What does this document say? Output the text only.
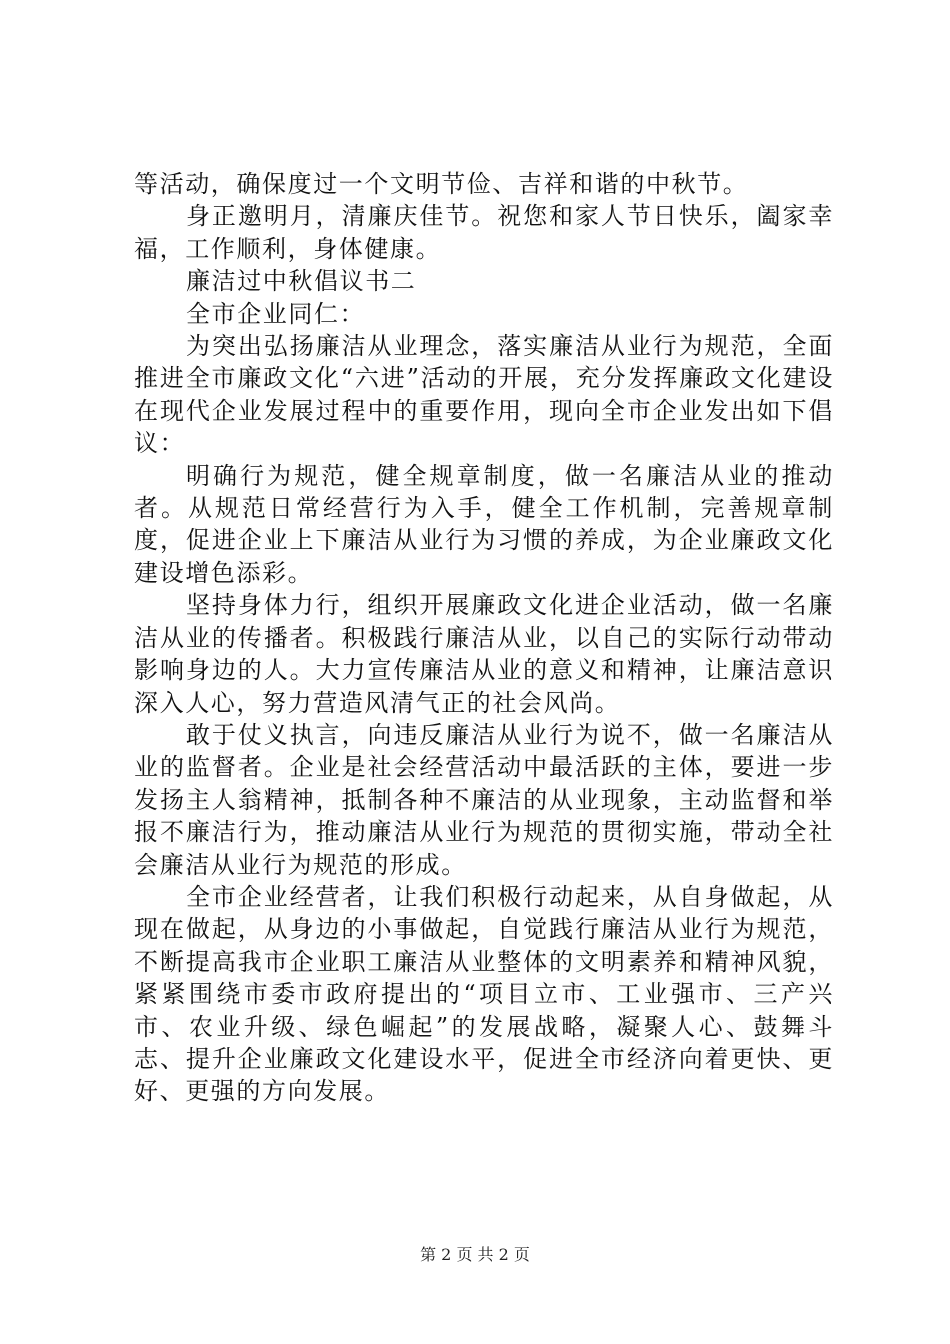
等活动，确保度过一个文明节俭、吉祥和谐的中秋节。

身正邀明月，清廉庆佳节。祝您和家人节日快乐，阖家幸福，工作顺利，身体健康。

廉洁过中秋倡议书二

全市企业同仁：

为突出弘扬廉洁从业理念，落实廉洁从业行为规范，全面推进全市廉政文化“六进”活动的开展，充分发挥廉政文化建设在现代企业发展过程中的重要作用，现向全市企业发出如下倡议：

明确行为规范，健全规章制度，做一名廉洁从业的推动者。从规范日常经营行为入手，健全工作机制，完善规章制度，促进企业上下廉洁从业行为习惯的养成，为企业廉政文化建设增色添彩。

坚持身体力行，组织开展廉政文化进企业活动，做一名廉洁从业的传播者。积极践行廉洁从业，以自己的实际行动带动影响身边的人。大力宣传廉洁从业的意义和精神，让廉洁意识深入人心，努力营造风清气正的社会风尚。

敢于仗义执言，向违反廉洁从业行为说不，做一名廉洁从业的监督者。企业是社会经营活动中最活跃的主体，要进一步发扬主人翁精神，抵制各种不廉洁的从业现象，主动监督和举报不廉洁行为，推动廉洁从业行为规范的贯彻实施，带动全社会廉洁从业行为规范的形成。

全市企业经营者，让我们积极行动起来，从自身做起，从现在做起，从身边的小事做起，自觉践行廉洁从业行为规范，不断提高我市企业职工廉洁从业整体的文明素养和精神风貌，紧紧围绕市委市政府提出的“项目立市、工业强市、三产兴市、农业升级、绿色崛起”的发展战略，凝聚人心、鼓舞斗志、提升企业廉政文化建设水平，促进全市经济向着更快、更好、更强的方向发展。

第 2 页 共 2 页
